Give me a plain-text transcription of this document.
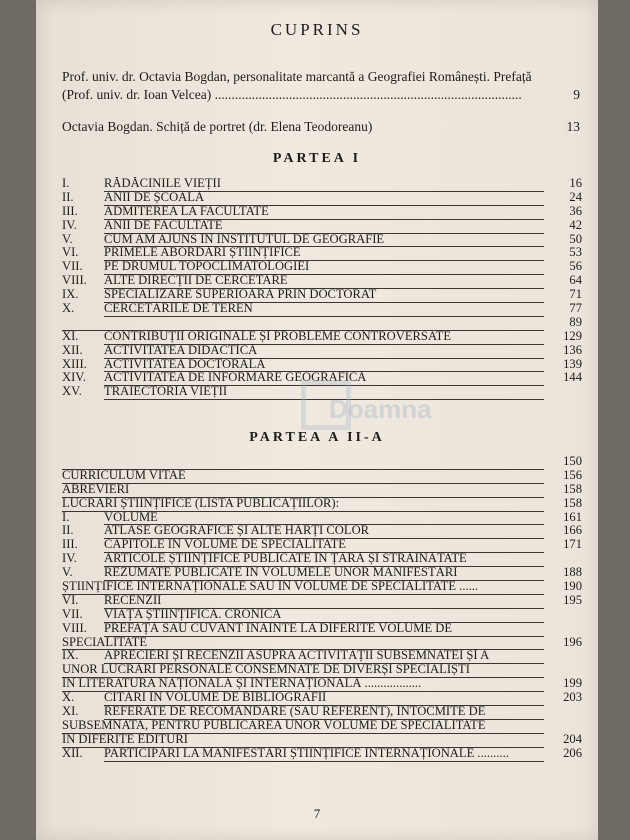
CUPRINS
Prof. univ. dr. Octavia Bogdan, personalitate marcantă a Geografiei Românești. Prefață
(Prof. univ. dr. Ioan Velcea) ...........................................................................................	9
Octavia Bogdan. Schiță de portret (dr. Elena Teodoreanu)	13
PARTEA I
I.	RĂDĂCINILE VIEȚII	16
II.	ANII DE ȘCOALĂ	24
III.	ADMITEREA LA FACULTATE	36
IV.	ANII DE FACULTATE	42
V.	CUM AM AJUNS ÎN INSTITUTUL DE GEOGRAFIE	50
VI.	PRIMELE ABORDĂRI ȘTIINȚIFICE	53
VII.	PE DRUMUL TOPOCLIMATOLOGIEI	56
VIII.	ALTE DIRECȚII DE CERCETARE	64
IX.	SPECIALIZARE SUPERIOARĂ PRIN DOCTORAT	71
X.	CERCETĂRILE DE TEREN	77

89
XI.	CONTRIBUȚII ORIGINALE ȘI PROBLEME CONTROVERSATE	129
XII.	ACTIVITATEA DIDACTICĂ	136
XIII.	ACTIVITATEA DOCTORALĂ	139
XIV.	ACTIVITATEA DE INFORMARE GEOGRAFICĂ	144
XV.	TRAIECTORIA VIEȚII
Doamna
PARTEA A II-A

150
CURRICULUM VITAE	156
ABREVIERI	158
LUCRĂRI ȘTIINȚIFICE (LISTA PUBLICAȚIILOR):	158
I.	VOLUME	161
II.	ATLASE GEOGRAFICE ȘI ALTE HĂRȚI COLOR	166
III.	CAPITOLE ÎN VOLUME DE SPECIALITATE	171
IV.	ARTICOLE ȘTIINȚIFICE PUBLICATE ÎN ȚARĂ ȘI STRĂINĂTATE
V.	REZUMATE PUBLICATE ÎN VOLUMELE UNOR MANIFESTĂRI	188
ȘTIINȚIFICE INTERNAȚIONALE SAU ÎN VOLUME DE SPECIALITATE ......	190
VI.	RECENZII	195
VII.	VIAȚA ȘTIINȚIFICĂ. CRONICA
VIII.	PREFAȚĂ SAU CUVÂNT ÎNAINTE LA DIFERITE VOLUME DE
SPECIALITATE	196
IX.	APRECIERI ȘI RECENZII ASUPRA ACTIVITĂȚII SUBSEMNATEI ȘI A
UNOR LUCRĂRI PERSONALE CONSEMNATE DE DIVERȘI SPECIALIȘTI
ÎN LITERATURA NAȚIONALĂ ȘI INTERNAȚIONALĂ ..................	199
X.	CITĂRI ÎN VOLUME DE BIBLIOGRAFII	203
XI.	REFERATE DE RECOMANDARE (SAU REFERENT), ÎNTOCMITE DE
SUBSEMNATA, PENTRU PUBLICAREA UNOR VOLUME DE SPECIALITATE
ÎN DIFERITE EDITURI	204
XII.	PARTICIPĂRI LA MANIFESTĂRI ȘTIINȚIFICE INTERNAȚIONALE ..........	206
7
